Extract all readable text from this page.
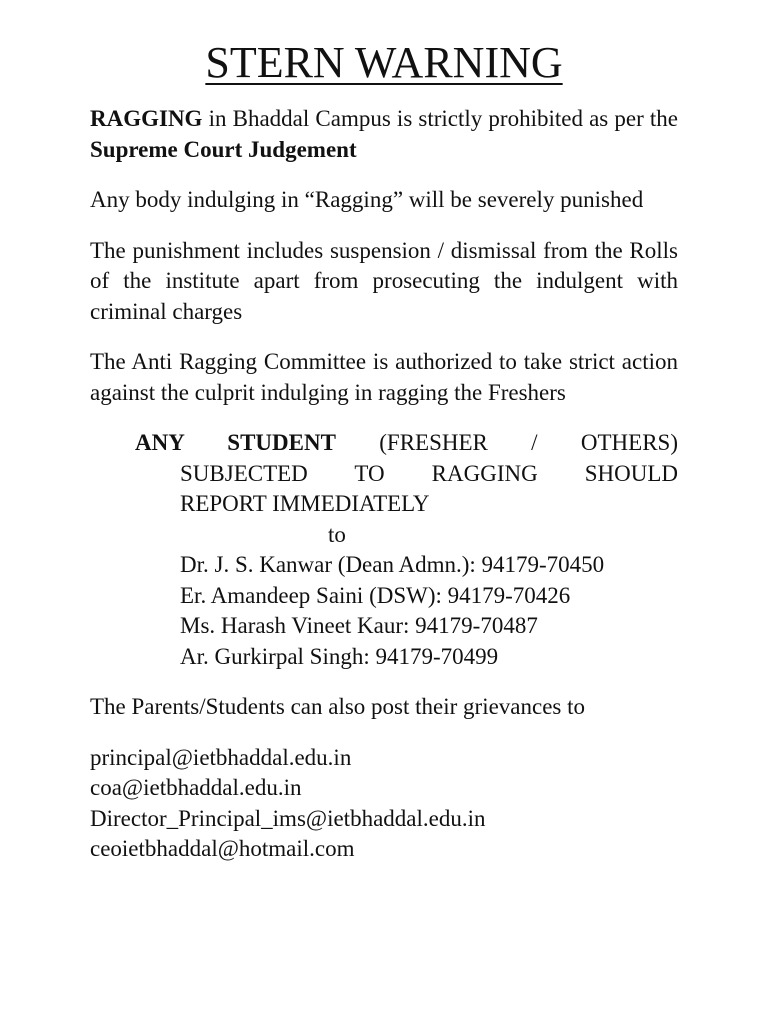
STERN WARNING

RAGGING in Bhaddal Campus is strictly prohibited as per the Supreme Court Judgement

Any body indulging in “Ragging” will be severely punished

The punishment includes suspension / dismissal from the Rolls of the institute apart from prosecuting the indulgent with criminal charges

The Anti Ragging Committee is authorized to take strict action against the culprit indulging in ragging the Freshers

ANY STUDENT (FRESHER / OTHERS)
SUBJECTED TO RAGGING SHOULD
REPORT IMMEDIATELY
to
Dr. J. S. Kanwar (Dean Admn.): 94179-70450
Er. Amandeep Saini (DSW): 94179-70426
Ms. Harash Vineet Kaur: 94179-70487
Ar. Gurkirpal Singh: 94179-70499
The Parents/Students can also post their grievances to
principal@ietbhaddal.edu.in
coa@ietbhaddal.edu.in
Director_Principal_ims@ietbhaddal.edu.in
ceoietbhaddal@hotmail.com
